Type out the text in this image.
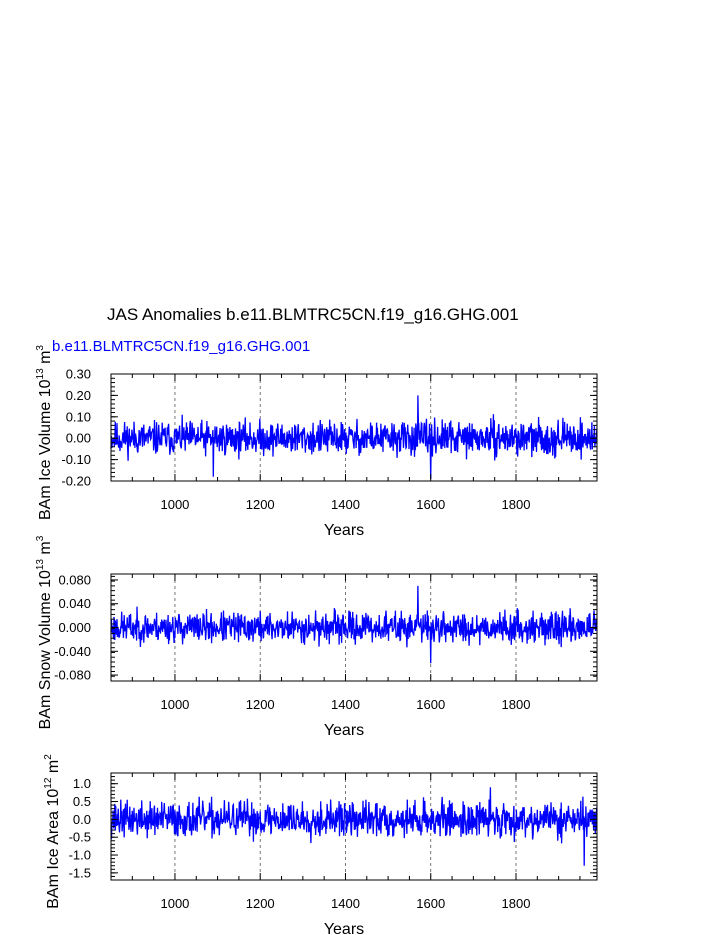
JAS Anomalies b.e11.BLMTRC5CN.f19_g16.GHG.001
b.e11.BLMTRC5CN.f19_g16.GHG.001
1000	1200	1400	1600	1800
-0.20
-0.10
0.00
0.10
0.20
0.30
Years
BAm Ice Volume $10^{13}$ $m^3$
1000	1200	1400	1600	1800
-0.080
-0.040
0.000
0.040
0.080
Years
BAm Snow Volume $10^{13}$ $m^3$
1000	1200	1400	1600	1800
-1.5
-1.0
-0.5
0.0
0.5
1.0
Years
BAm Ice Area $10^{12}$ $m^2$
